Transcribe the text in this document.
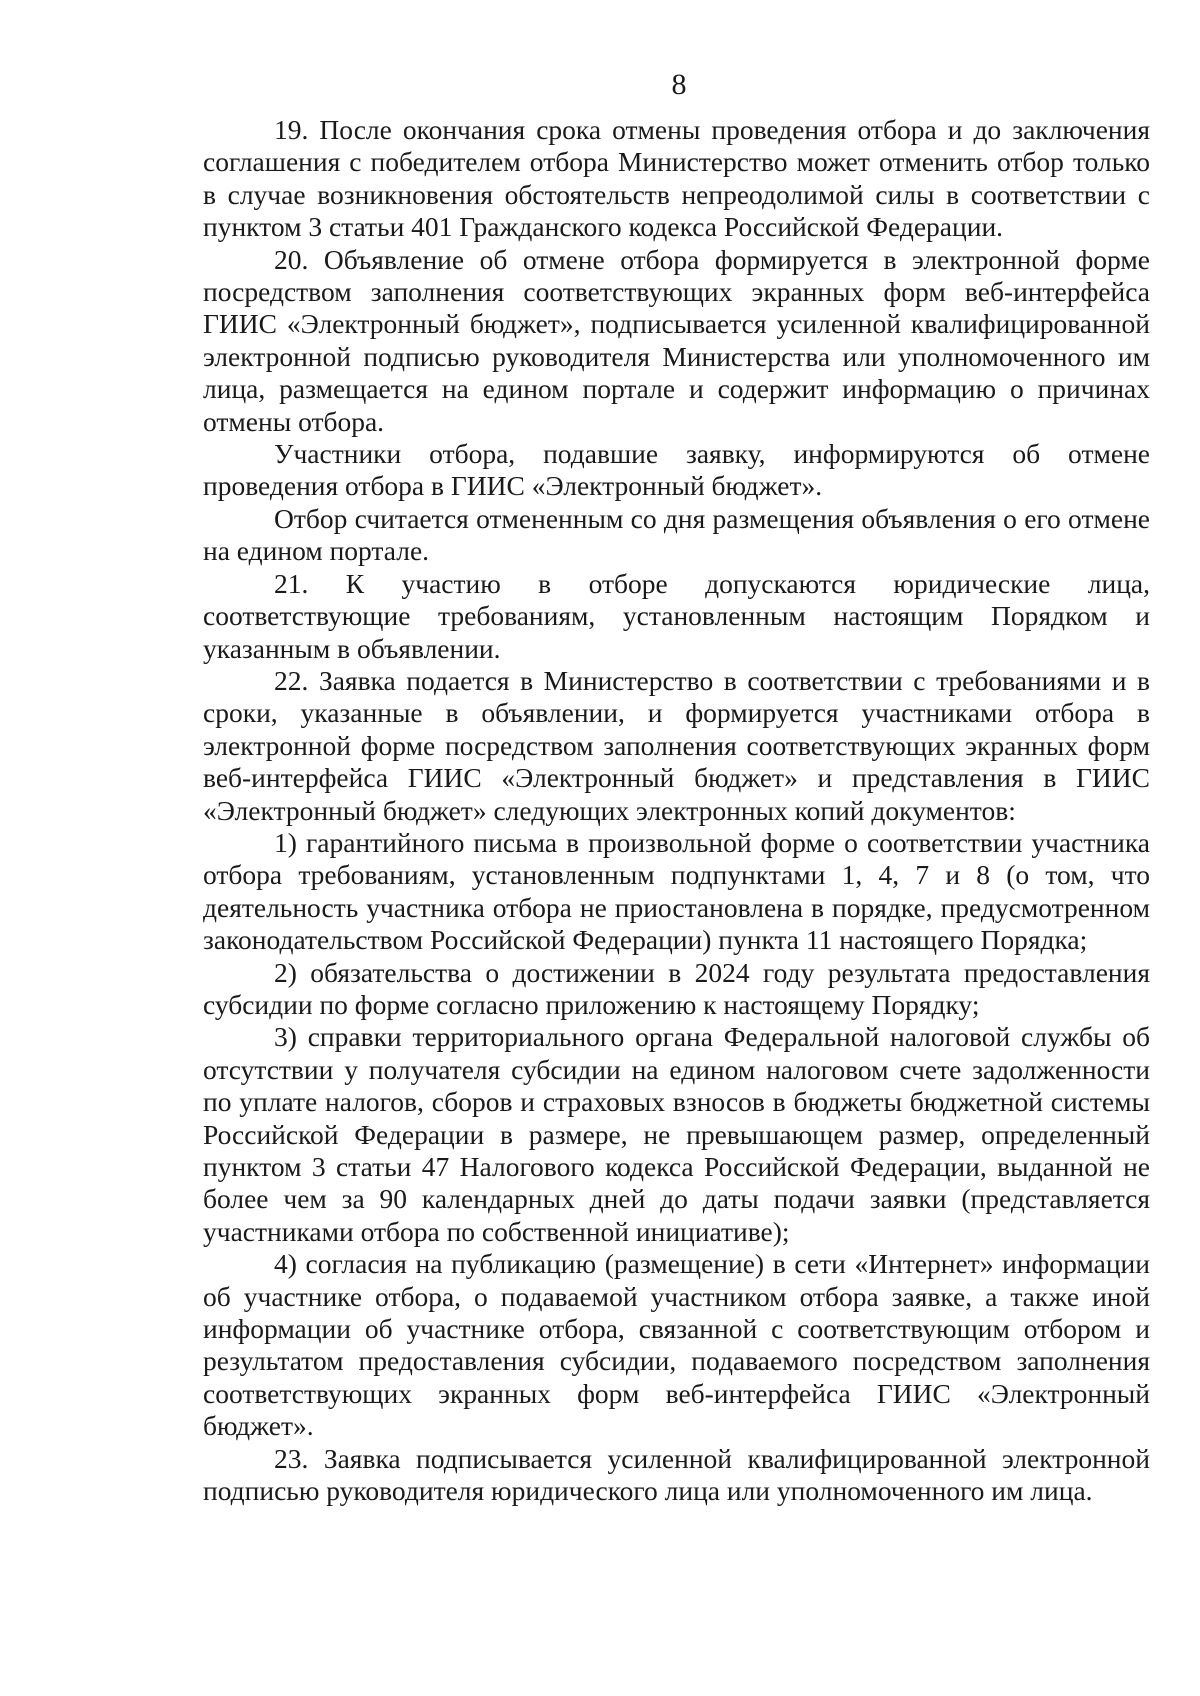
8

19. После окончания срока отмены проведения отбора и до заключения соглашения с победителем отбора Министерство может отменить отбор только в случае возникновения обстоятельств непреодолимой силы в соответствии с пунктом 3 статьи 401 Гражданского кодекса Российской Федерации.

20. Объявление об отмене отбора формируется в электронной форме посредством заполнения соответствующих экранных форм веб-интерфейса ГИИС «Электронный бюджет», подписывается усиленной квалифицированной электронной подписью руководителя Министерства или уполномоченного им лица, размещается на едином портале и содержит информацию о причинах отмены отбора.

Участники отбора, подавшие заявку, информируются об отмене проведения отбора в ГИИС «Электронный бюджет».

Отбор считается отмененным со дня размещения объявления о его отмене на едином портале.

21. К участию в отборе допускаются юридические лица, соответствующие требованиям, установленным настоящим Порядком и указанным в объявлении.

22. Заявка подается в Министерство в соответствии с требованиями и в сроки, указанные в объявлении, и формируется участниками отбора в электронной форме посредством заполнения соответствующих экранных форм веб-интерфейса ГИИС «Электронный бюджет» и представления в ГИИС «Электронный бюджет» следующих электронных копий документов:

1) гарантийного письма в произвольной форме о соответствии участника отбора требованиям, установленным подпунктами 1, 4, 7 и 8 (о том, что деятельность участника отбора не приостановлена в порядке, предусмотренном законодательством Российской Федерации) пункта 11 настоящего Порядка;

2) обязательства о достижении в 2024 году результата предоставления субсидии по форме согласно приложению к настоящему Порядку;

3) справки территориального органа Федеральной налоговой службы об отсутствии у получателя субсидии на едином налоговом счете задолженности по уплате налогов, сборов и страховых взносов в бюджеты бюджетной системы Российской Федерации в размере, не превышающем размер, определенный пунктом 3 статьи 47 Налогового кодекса Российской Федерации, выданной не более чем за 90 календарных дней до даты подачи заявки (представляется участниками отбора по собственной инициативе);

4) согласия на публикацию (размещение) в сети «Интернет» информации об участнике отбора, о подаваемой участником отбора заявке, а также иной информации об участнике отбора, связанной с соответствующим отбором и результатом предоставления субсидии, подаваемого посредством заполнения соответствующих экранных форм веб-интерфейса ГИИС «Электронный бюджет».

23. Заявка подписывается усиленной квалифицированной электронной подписью руководителя юридического лица или уполномоченного им лица.
